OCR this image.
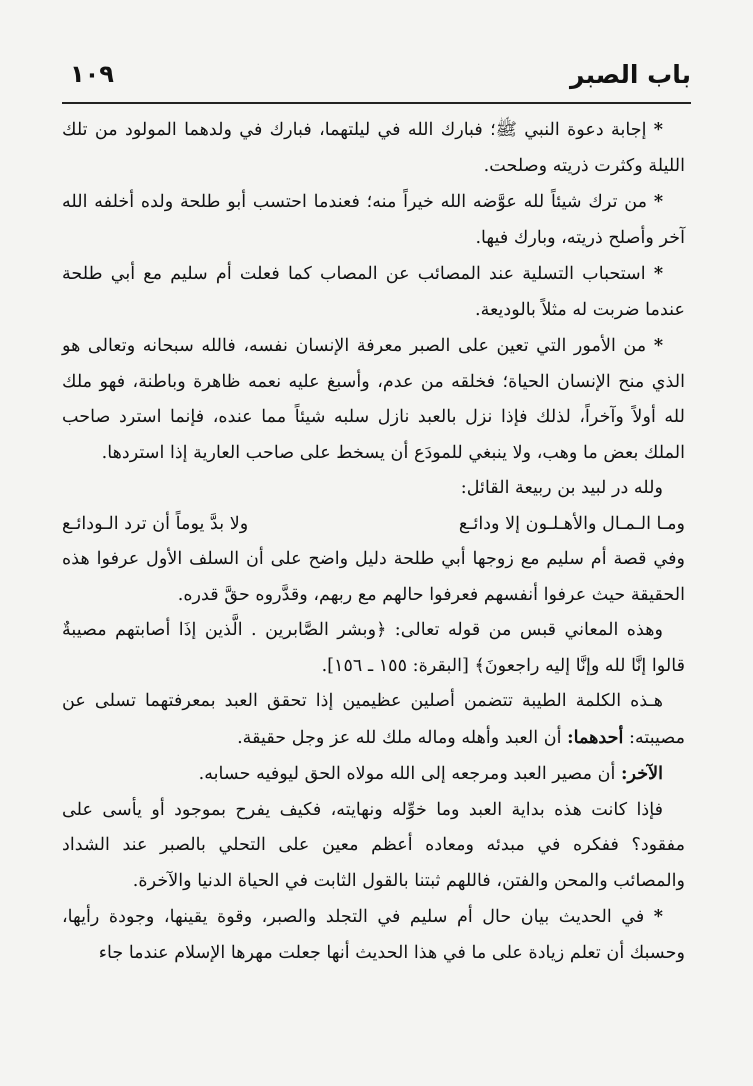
باب الصبر
١٠٩

* إجابة دعوة النبي ﷺ؛ فبارك الله في ليلتهما، فبارك في ولدهما المولود من تلك الليلة وكثرت ذريته وصلحت.

* من ترك شيئاً لله عوَّضه الله خيراً منه؛ فعندما احتسب أبو طلحة ولده أخلفه الله آخر وأصلح ذريته، وبارك فيها.

* استحباب التسلية عند المصائب عن المصاب كما فعلت أم سليم مع أبي طلحة عندما ضربت له مثلاً بالوديعة.

* من الأمور التي تعين على الصبر معرفة الإنسان نفسه، فالله سبحانه وتعالى هو الذي منح الإنسان الحياة؛ فخلقه من عدم، وأسبغ عليه نعمه ظاهرة وباطنة، فهو ملك لله أولاً وآخراً، لذلك فإذا نزل بالعبد نازل سلبه شيئاً مما عنده، فإنما استرد صاحب الملك بعض ما وهب، ولا ينبغي للمودَع أن يسخط على صاحب العارية إذا استردها.

ولله در لبيد بن ربيعة القائل:

ومـا الـمـال والأهـلـون إلا ودائـع
ولا بدَّ يوماً أن ترد الـودائـع

وفي قصة أم سليم مع زوجها أبي طلحة دليل واضح على أن السلف الأول عرفوا هذه الحقيقة حيث عرفوا أنفسهم فعرفوا حالهم مع ربهم، وقدَّروه حقَّ قدره.

وهذه المعاني قبس من قوله تعالى: ﴿وبشر الصَّابرين . الَّذين إذَا أصابتهم مصيبةٌ قالوا إنَّا لله وإنَّا إليه راجعونَ﴾ [البقرة: ١٥٥ ـ ١٥٦].

هـذه الكلمة الطيبة تتضمن أصلين عظيمين إذا تحقق العبد بمعرفتهما تسلى عن مصيبته: أحدهما: أن العبد وأهله وماله ملك لله عز وجل حقيقة.

الآخر: أن مصير العبد ومرجعه إلى الله مولاه الحق ليوفيه حسابه.

فإذا كانت هذه بداية العبد وما خوِّله ونهايته، فكيف يفرح بموجود أو يأسى على مفقود؟ ففكره في مبدئه ومعاده أعظم معين على التحلي بالصبر عند الشداد والمصائب والمحن والفتن، فاللهم ثبتنا بالقول الثابت في الحياة الدنيا والآخرة.

* في الحديث بيان حال أم سليم في التجلد والصبر، وقوة يقينها، وجودة رأيها، وحسبك أن تعلم زيادة على ما في هذا الحديث أنها جعلت مهرها الإسلام عندما جاء
